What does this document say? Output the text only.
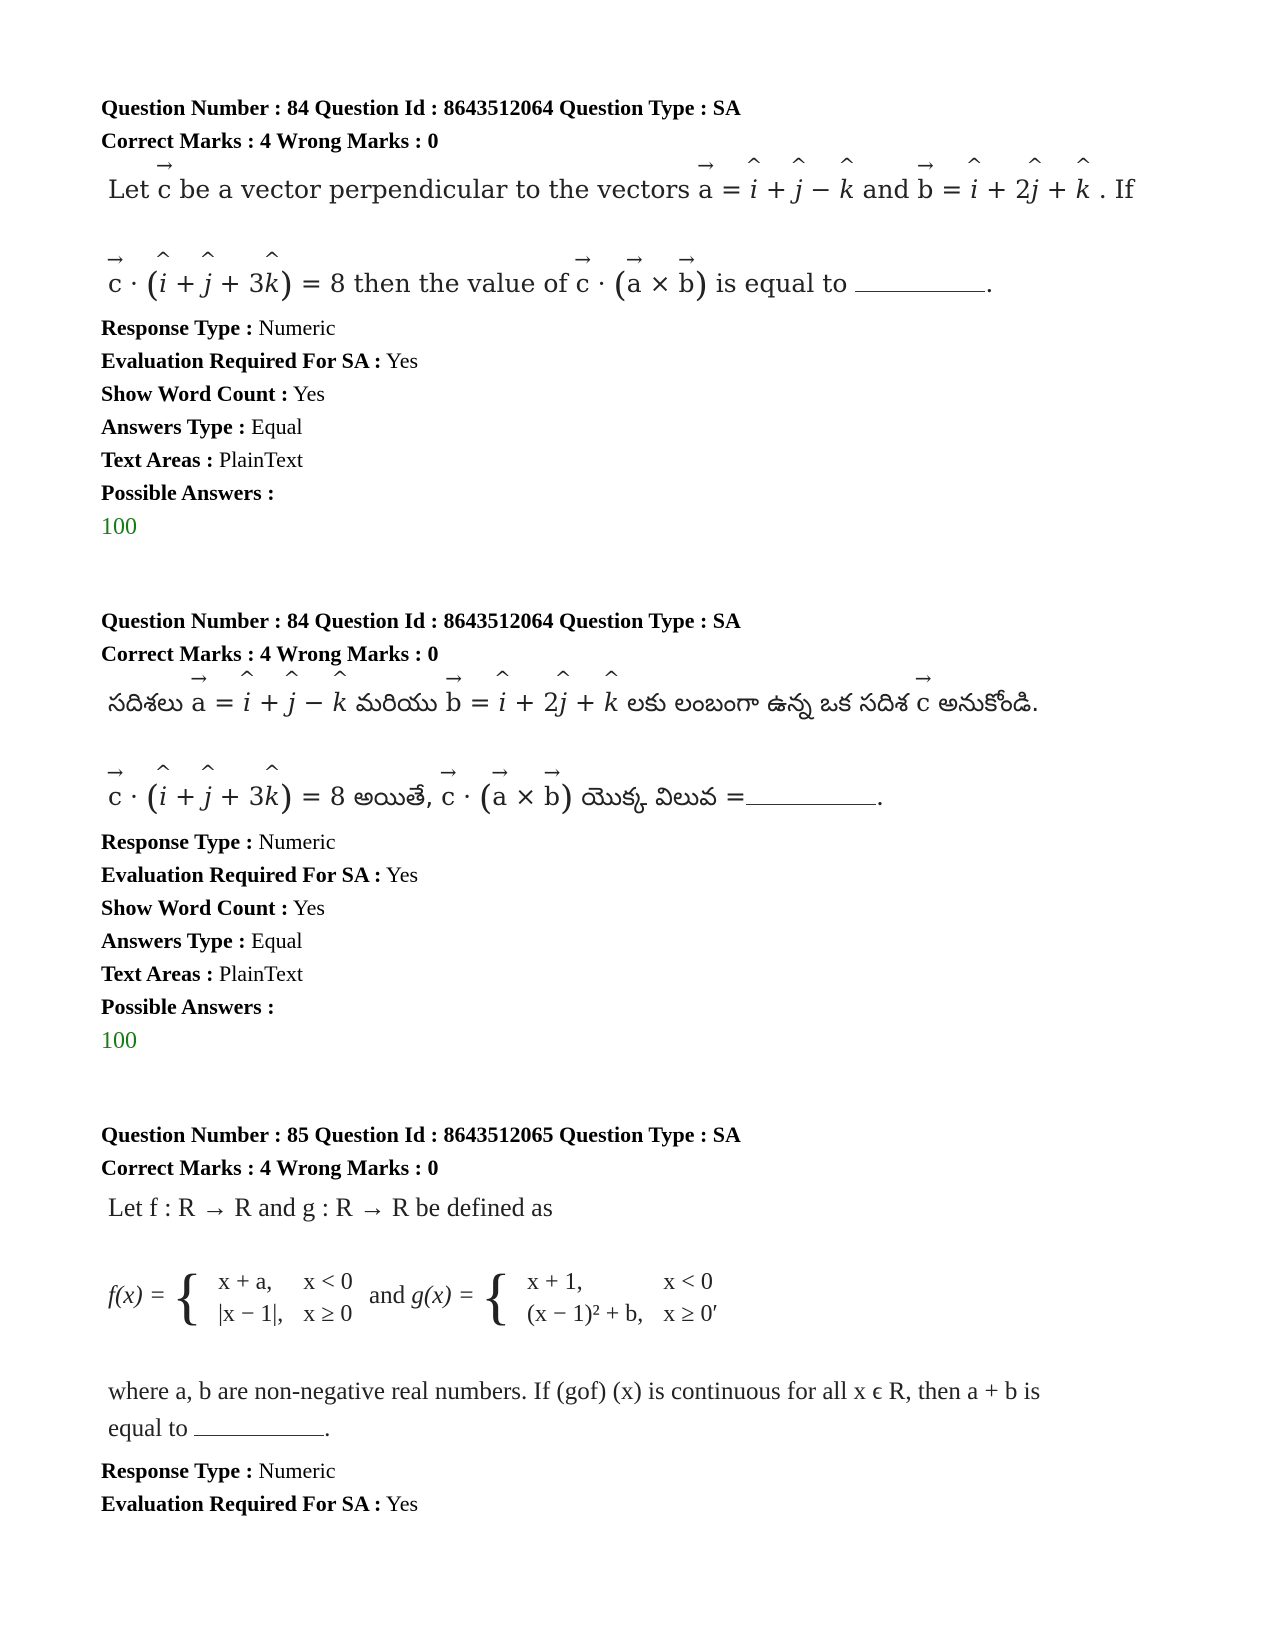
Question Number : 84 Question Id : 8643512064 Question Type : SA
Correct Marks : 4 Wrong Marks : 0
Let → c be a vector perpendicular to the vectors → a = ^ i + ^ j − ^ k and → b = ^ i + 2^ j + ^ k . If
→ c · (^ i + ^ j + 3^ k) = 8 then the value of → c · (→ a × → b) is equal to	.
Response Type : Numeric
Evaluation Required For SA : Yes
Show Word Count : Yes
Answers Type : Equal
Text Areas : PlainText
Possible Answers :
100
Question Number : 84 Question Id : 8643512064 Question Type : SA
Correct Marks : 4 Wrong Marks : 0
సదిశలు → a = ^ i + ^ j − ^ k మరియు → b = ^ i + 2^ j + ^ k లకు లంబంగా ఉన్న ఒక సదిశ → c అనుకోండి.
→ c · (^ i + ^ j + 3^ k) = 8 అయితే, → c · (→ a × → b) యొక్క విలువ =	.
Response Type : Numeric
Evaluation Required For SA : Yes
Show Word Count : Yes
Answers Type : Equal
Text Areas : PlainText
Possible Answers :
100
Question Number : 85 Question Id : 8643512065 Question Type : SA
Correct Marks : 4 Wrong Marks : 0
Let f : R → R and g : R → R be defined as
f(x) = { x + a,	x < 0
|x − 1|,	x ≥ 0
and g(x) = { x + 1,	x < 0
(x − 1)² + b,	x ≥ 0′
where a, b are non-negative real numbers. If (gof) (x) is continuous for all x ϵ R, then a + b is
equal to	.
Response Type : Numeric
Evaluation Required For SA : Yes
